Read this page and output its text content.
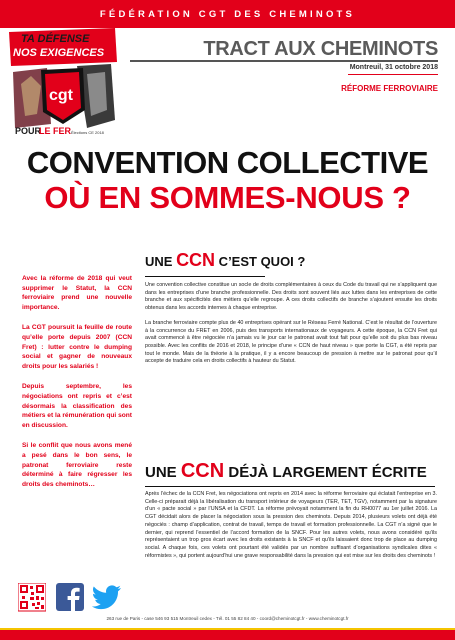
FÉDÉRATION CGT DES CHEMINOTS
TA DÉFENSE
NOS EXIGENCES
cgt
POUR
LE FER Élections CE 2018
TRACT AUX CHEMINOTS
Montreuil, 31 octobre 2018
RÉFORME FERROVIAIRE
CONVENTION COLLECTIVE
OÙ EN SOMMES-NOUS ?

Avec la réforme de 2018 qui veut supprimer le Statut, la CCN ferroviaire prend une nouvelle importance.

La CGT poursuit la feuille de route qu’elle porte depuis 2007 (CCN Fret) : lutter contre le dumping social et gagner de nouveaux droits pour les salariés !

Depuis septembre, les négociations ont repris et c’est désormais la classification des métiers et la rémunération qui sont en discussion.

Si le conflit que nous avons mené a pesé dans le bon sens, le patronat ferroviaire reste déterminé à faire régresser les droits des cheminots…

UNE CCN C’EST QUOI ?

Une convention collective constitue un socle de droits complémentaires à ceux du Code du travail qui ne s’appliquent que dans les entreprises d’une branche professionnelle. Des droits sont souvent liés aux luttes dans les entreprises de cette branche et aux spécificités des métiers qu’elle regroupe. A ces droits collectifs de branche s’ajoutent ensuite les droits obtenus dans les accords internes à chaque entreprise.

La branche ferroviaire compte plus de 40 entreprises opérant sur le Réseau Ferré National. C’est le résultat de l’ouverture à la concurrence du FRET en 2006, puis des transports internationaux de voyageurs. A cette époque, la CCN Fret qui avait commencé à être négociée n’a jamais vu le jour car le patronat avait tout fait pour qu’elle soit du plus bas niveau possible. Avec les conflits de 2016 et 2018, le principe d’une « CCN de haut niveau » que porte la CGT, a été repris par tout le monde. Mais de la théorie à la pratique, il y a encore beaucoup de pression à mettre sur le patronat pour qu’il accepte de traduire cela en droits collectifs à hauteur du Statut.

UNE CCN DÉJÀ LARGEMENT ÉCRITE

Après l’échec de la CCN Fret, les négociations ont repris en 2014 avec la réforme ferroviaire qui éclatait l’entreprise en 3. Celle-ci préparait déjà la libéralisation du transport intérieur de voyageurs (TER, TET, TGV), notamment par la signature d’un « pacte social » par l’UNSA et la CFDT. La réforme prévoyait notamment la fin du RH0077 au 1er juillet 2016. La CGT décidait alors de placer la négociation sous la pression des cheminots. Depuis 2014, plusieurs volets ont déjà été négociés : champ d’application, contrat de travail, temps de travail et formation professionnelle. La CGT n’a signé que le dernier, qui reprend l’essentiel de l’accord formation de la SNCF. Pour les autres volets, nous avons considéré qu’ils représentaient un trop gros écart avec les droits existants à la SNCF et qu’ils laissaient donc trop de place au dumping social. A chaque fois, ces volets ont pourtant été validés par un nombre suffisant d’organisations syndicales dites « réformistes », qui portent aujourd’hui une grave responsabilité dans la pression qui est mise sur les droits des cheminots !

263 rue de Paris - case 546 93 515 Montreuil cedex - Tél. 01 55 82 84 40 - coord@cheminotcgt.fr - www.cheminotcgt.fr
